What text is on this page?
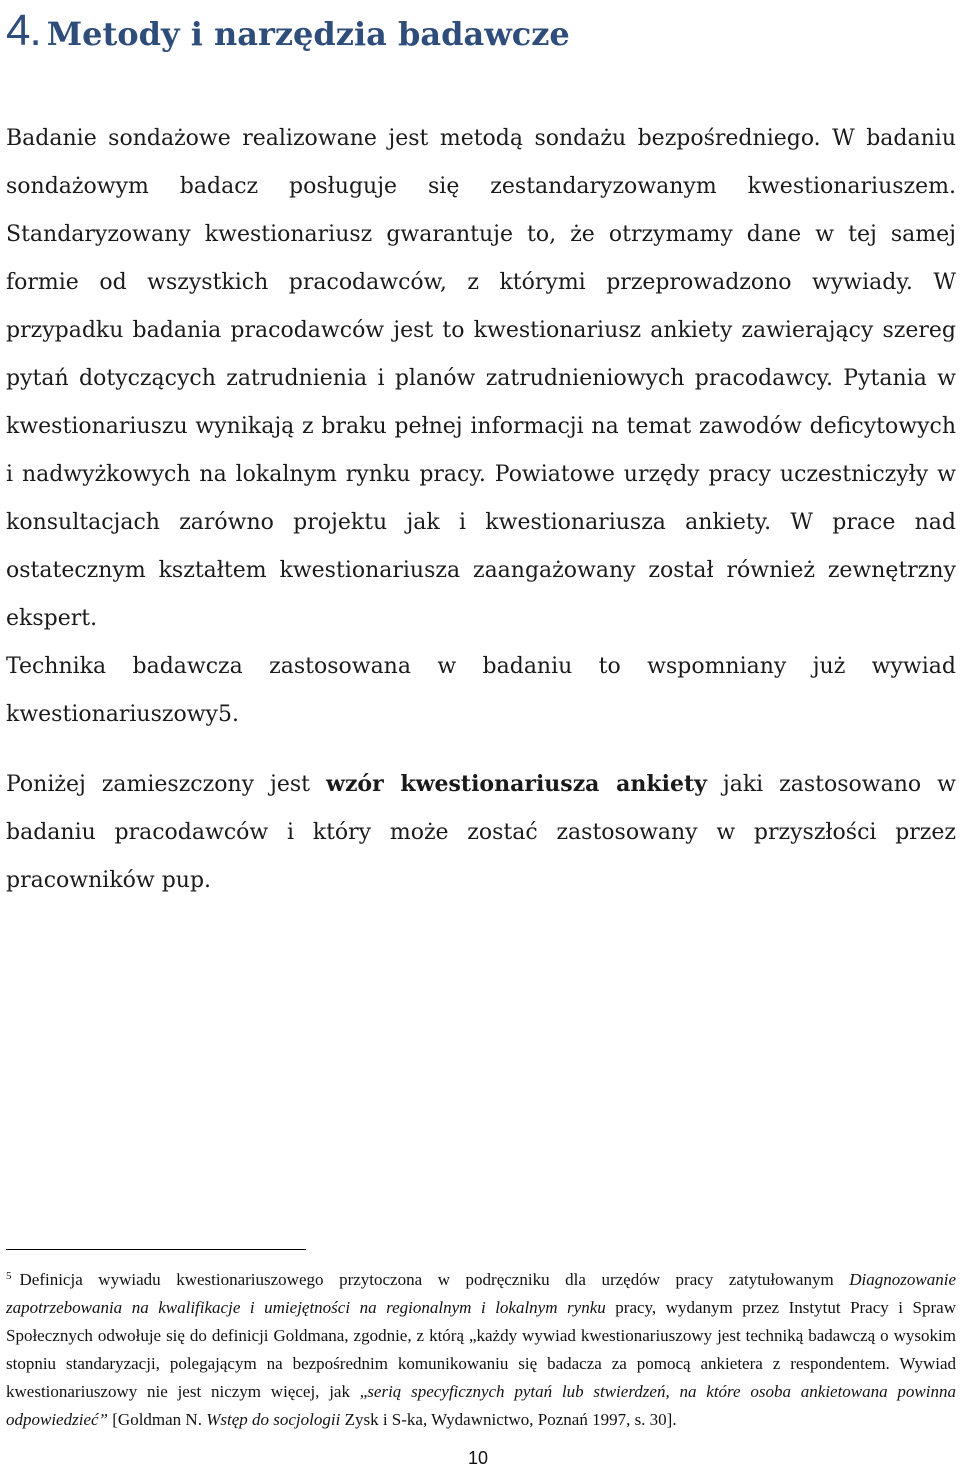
4. Metody i narzędzia badawcze
Badanie sondażowe realizowane jest metodą sondażu bezpośredniego. W badaniu sondażowym badacz posługuje się zestandaryzowanym kwestionariuszem. Standaryzowany kwestionariusz gwarantuje to, że otrzymamy dane w tej samej formie od wszystkich pracodawców, z którymi przeprowadzono wywiady. W przypadku badania pracodawców jest to kwestionariusz ankiety zawierający szereg pytań dotyczących zatrudnienia i planów zatrudnieniowych pracodawcy. Pytania w kwestionariuszu wynikają z braku pełnej informacji na temat zawodów deficytowych i nadwyżkowych na lokalnym rynku pracy. Powiatowe urzędy pracy uczestniczyły w konsultacjach zarówno projektu jak i kwestionariusza ankiety. W prace nad ostatecznym kształtem kwestionariusza zaangażowany został również zewnętrzny ekspert.
Technika badawcza zastosowana w badaniu to wspomniany już wywiad kwestionariuszowy5.

Poniżej zamieszczony jest wzór kwestionariusza ankiety jaki zastosowano w badaniu pracodawców i który może zostać zastosowany w przyszłości przez pracowników pup.

$^5$ Definicja wywiadu kwestionariuszowego przytoczona w podręczniku dla urzędów pracy zatytułowanym Diagnozowanie zapotrzebowania na kwalifikacje i umiejętności na regionalnym i lokalnym rynku pracy, wydanym przez Instytut Pracy i Spraw Społecznych odwołuje się do definicji Goldmana, zgodnie, z którą „każdy wywiad kwestionariuszowy jest techniką badawczą o wysokim stopniu standaryzacji, polegającym na bezpośrednim komunikowaniu się badacza za pomocą ankietera z respondentem. Wywiad kwestionariuszowy nie jest niczym więcej, jak „serią specyficznych pytań lub stwierdzeń, na które osoba ankietowana powinna odpowiedzieć” [Goldman N. Wstęp do socjologii Zysk i S-ka, Wydawnictwo, Poznań 1997, s. 30].

10
